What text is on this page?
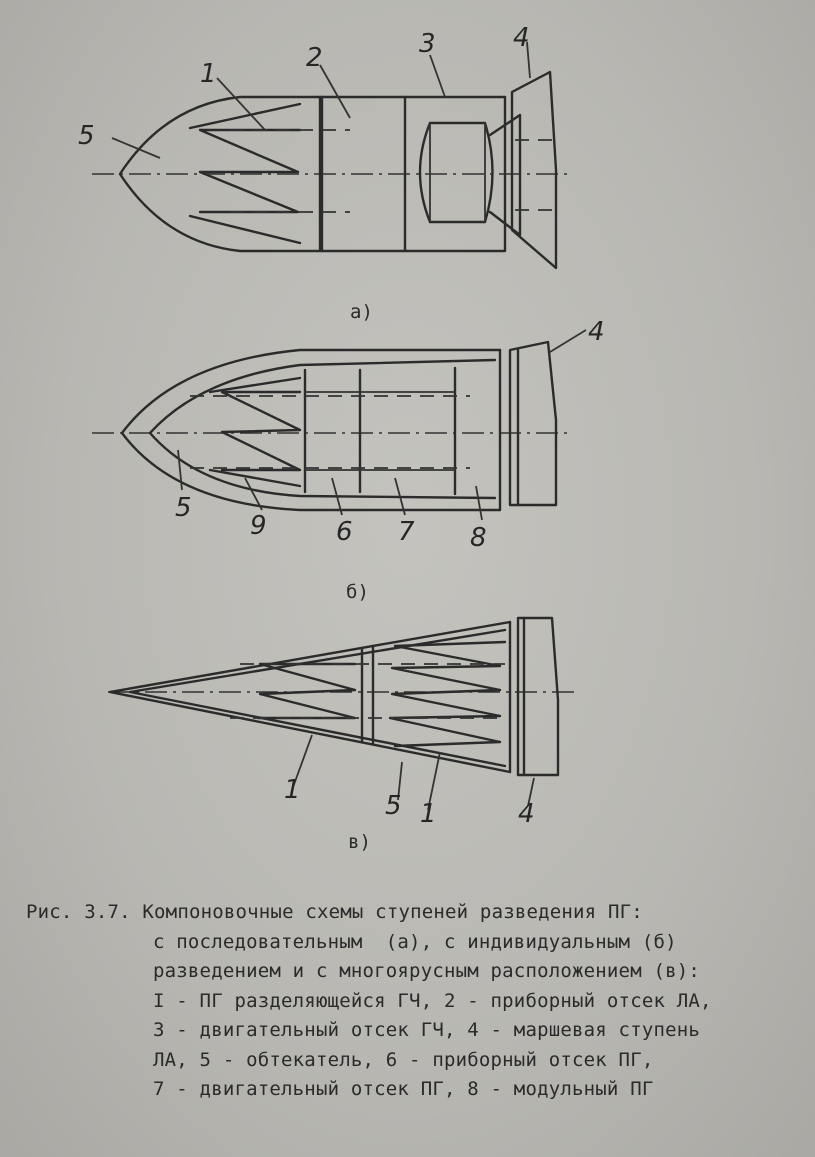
5
1
2	3	4
а)
4
5
9	6 7 8
б)
1
5 1	4
в)
Рис. 3.7. Компоновочные схемы ступеней разведения ПГ:
с последовательным  (а), с индивидуальным (б)
разведением и с многоярусным расположением (в):
I - ПГ разделяющейся ГЧ, 2 - приборный отсек ЛА,
3 - двигательный отсек ГЧ, 4 - маршевая ступень
ЛА, 5 - обтекатель, 6 - приборный отсек ПГ,
7 - двигательный отсек ПГ, 8 - модульный ПГ
